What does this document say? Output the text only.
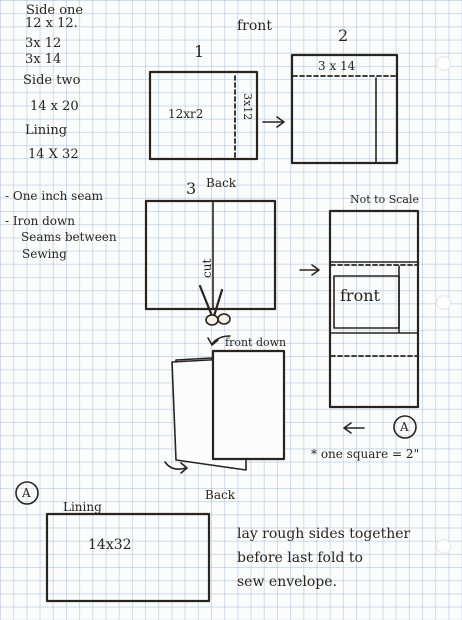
Side one
12 x 12.
3x 12
3x 14
Side two
14 x 20
Lining
14 X 32
- One inch seam
- Iron down
Seams between
Sewing
front
1
2
3
12xr2	3x12
3 x 14
Back
cut
Not to Scale
front
A
* one square = 2"
front down
Back
A
Lining
14x32
lay rough sides together
before last fold to
sew envelope.
